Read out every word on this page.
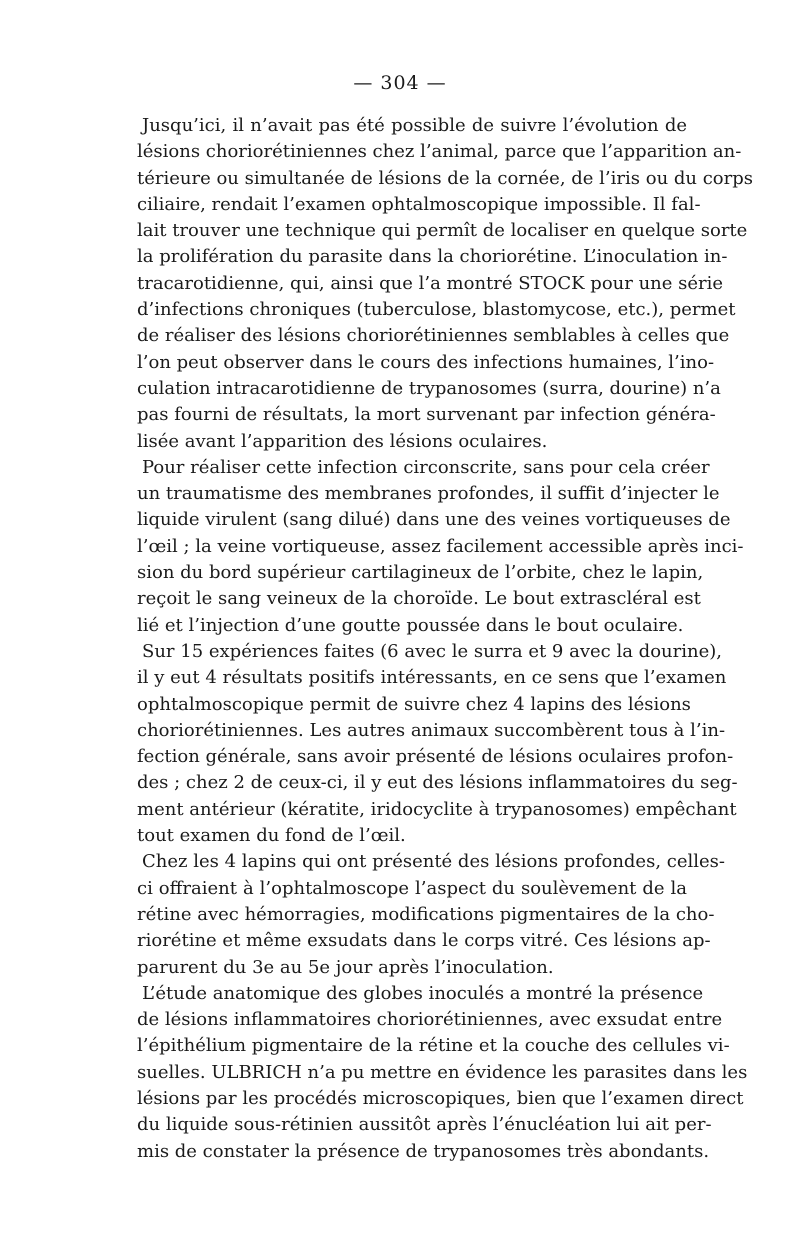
— 304 —

Jusqu’ici, il n’avait pas été possible de suivre l’évolution de
lésions choriorétiniennes chez l’animal, parce que l’apparition an-
térieure ou simultanée de lésions de la cornée, de l’iris ou du corps
ciliaire, rendait l’examen ophtalmoscopique impossible. Il fal-
lait trouver une technique qui permît de localiser en quelque sorte
la prolifération du parasite dans la choriorétine. L’inoculation in-
tracarotidienne, qui, ainsi que l’a montré STOCK pour une série
d’infections chroniques (tuberculose, blastomycose, etc.), permet
de réaliser des lésions choriorétiniennes semblables à celles que
l’on peut observer dans le cours des infections humaines, l’ino-
culation intracarotidienne de trypanosomes (surra, dourine) n’a
pas fourni de résultats, la mort survenant par infection généra-
lisée avant l’apparition des lésions oculaires.

Pour réaliser cette infection circonscrite, sans pour cela créer
un traumatisme des membranes profondes, il suffit d’injecter le
liquide virulent (sang dilué) dans une des veines vortiqueuses de
l’œil ; la veine vortiqueuse, assez facilement accessible après inci-
sion du bord supérieur cartilagineux de l’orbite, chez le lapin,
reçoit le sang veineux de la choroïde. Le bout extrascléral est
lié et l’injection d’une goutte poussée dans le bout oculaire.

Sur 15 expériences faites (6 avec le surra et 9 avec la dourine),
il y eut 4 résultats positifs intéressants, en ce sens que l’examen
ophtalmoscopique permit de suivre chez 4 lapins des lésions
choriorétiniennes. Les autres animaux succombèrent tous à l’in-
fection générale, sans avoir présenté de lésions oculaires profon-
des ; chez 2 de ceux-ci, il y eut des lésions inflammatoires du seg-
ment antérieur (kératite, iridocyclite à trypanosomes) empêchant
tout examen du fond de l’œil.

Chez les 4 lapins qui ont présenté des lésions profondes, celles-
ci offraient à l’ophtalmoscope l’aspect du soulèvement de la
rétine avec hémorragies, modifications pigmentaires de la cho-
riorétine et même exsudats dans le corps vitré. Ces lésions ap-
parurent du 3e au 5e jour après l’inoculation.

L’étude anatomique des globes inoculés a montré la présence
de lésions inflammatoires choriorétiniennes, avec exsudat entre
l’épithélium pigmentaire de la rétine et la couche des cellules vi-
suelles. ULBRICH n’a pu mettre en évidence les parasites dans les
lésions par les procédés microscopiques, bien que l’examen direct
du liquide sous-rétinien aussitôt après l’énucléation lui ait per-
mis de constater la présence de trypanosomes très abondants.
